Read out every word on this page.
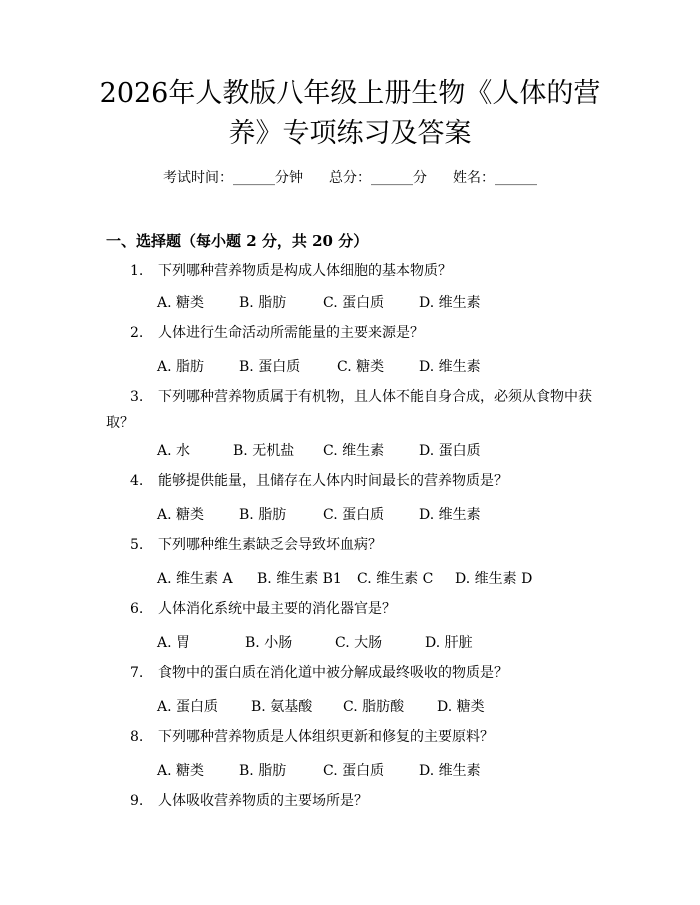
2026年人教版八年级上册生物《人体的营养》专项练习及答案
考试时间：______分钟 总分：______分 姓名：______
一、选择题（每小题 2 分，共 20 分）
1.	下列哪种营养物质是构成人体细胞的基本物质？
A. 糖类 B. 脂肪	C. 蛋白质 D. 维生素
2.	人体进行生命活动所需能量的主要来源是？
A. 脂肪 B. 蛋白质	C. 糖类 D. 维生素
3.	下列哪种营养物质属于有机物，且人体不能自身合成，必须从食物中获取？
A. 水	B. 无机盐 C. 维生素 D. 蛋白质
4.	能够提供能量，且储存在人体内时间最长的营养物质是？
A. 糖类 B. 脂肪	C. 蛋白质 D. 维生素
5.	下列哪种维生素缺乏会导致坏血病？
A. 维生素 A B. 维生素 B1 C. 维生素 C D. 维生素 D
6.	人体消化系统中最主要的消化器官是？
A. 胃	B. 小肠	C. 大肠	D. 肝脏
7.	食物中的蛋白质在消化道中被分解成最终吸收的物质是？
A. 蛋白质 B. 氨基酸 C. 脂肪酸 D. 糖类
8.	下列哪种营养物质是人体组织更新和修复的主要原料？
A. 糖类 B. 脂肪	C. 蛋白质 D. 维生素
9.	人体吸收营养物质的主要场所是？
